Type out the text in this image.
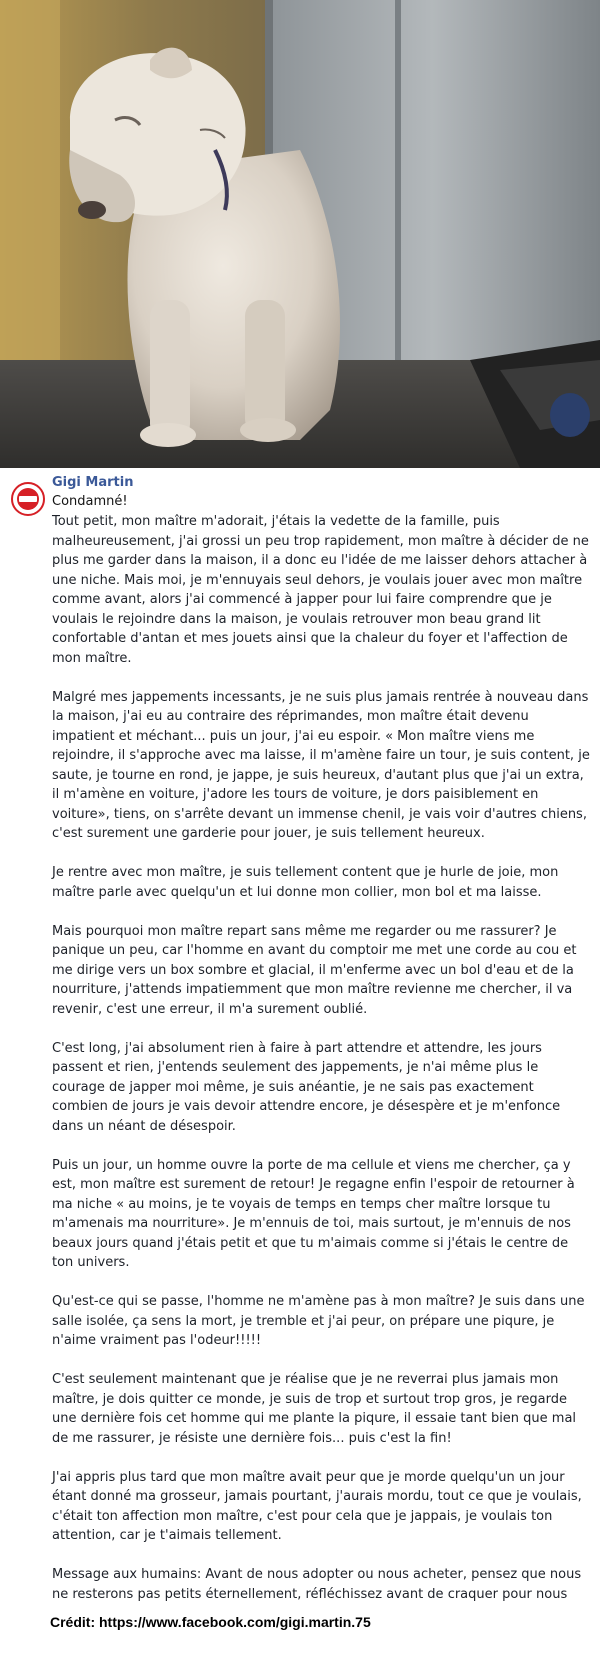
Gigi Martin
Condamné!

Tout petit, mon maître m'adorait, j'étais la vedette de la famille, puis malheureusement, j'ai grossi un peu trop rapidement, mon maître à décider de ne plus me garder dans la maison, il a donc eu l'idée de me laisser dehors attacher à une niche. Mais moi, je m'ennuyais seul dehors, je voulais jouer avec mon maître comme avant, alors j'ai commencé à japper pour lui faire comprendre que je voulais le rejoindre dans la maison, je voulais retrouver mon beau grand lit confortable d'antan et mes jouets ainsi que la chaleur du foyer et l'affection de mon maître.

Malgré mes jappements incessants, je ne suis plus jamais rentrée à nouveau dans la maison, j'ai eu au contraire des réprimandes, mon maître était devenu impatient et méchant... puis un jour, j'ai eu espoir. « Mon maître viens me rejoindre, il s'approche avec ma laisse, il m'amène faire un tour, je suis content, je saute, je tourne en rond, je jappe, je suis heureux, d'autant plus que j'ai un extra, il m'amène en voiture, j'adore les tours de voiture, je dors paisiblement en voiture», tiens, on s'arrête devant un immense chenil, je vais voir d'autres chiens, c'est surement une garderie pour jouer, je suis tellement heureux.

Je rentre avec mon maître, je suis tellement content que je hurle de joie, mon maître parle avec quelqu'un et lui donne mon collier, mon bol et ma laisse.

Mais pourquoi mon maître repart sans même me regarder ou me rassurer? Je panique un peu, car l'homme en avant du comptoir me met une corde au cou et me dirige vers un box sombre et glacial, il m'enferme avec un bol d'eau et de la nourriture, j'attends impatiemment que mon maître revienne me chercher, il va revenir, c'est une erreur, il m'a surement oublié.

C'est long, j'ai absolument rien à faire à part attendre et attendre, les jours passent et rien, j'entends seulement des jappements, je n'ai même plus le courage de japper moi même, je suis anéantie, je ne sais pas exactement combien de jours je vais devoir attendre encore, je désespère et je m'enfonce dans un néant de désespoir.

Puis un jour, un homme ouvre la porte de ma cellule et viens me chercher, ça y est, mon maître est surement de retour! Je regagne enfin l'espoir de retourner à ma niche « au moins, je te voyais de temps en temps cher maître lorsque tu m'amenais ma nourriture». Je m'ennuis de toi, mais surtout, je m'ennuis de nos beaux jours quand j'étais petit et que tu m'aimais comme si j'étais le centre de ton univers.

Qu'est-ce qui se passe, l'homme ne m'amène pas à mon maître? Je suis dans une salle isolée, ça sens la mort, je tremble et j'ai peur, on prépare une piqure, je n'aime vraiment pas l'odeur!!!!!

C'est seulement maintenant que je réalise que je ne reverrai plus jamais mon maître, je dois quitter ce monde, je suis de trop et surtout trop gros, je regarde une dernière fois cet homme qui me plante la piqure, il essaie tant bien que mal de me rassurer, je résiste une dernière fois... puis c'est la fin!

J'ai appris plus tard que mon maître avait peur que je morde quelqu'un un jour étant donné ma grosseur, jamais pourtant, j'aurais mordu, tout ce que je voulais, c'était ton affection mon maître, c'est pour cela que je jappais, je voulais ton attention, car je t'aimais tellement.

Message aux humains: Avant de nous adopter ou nous acheter, pensez que nous ne resterons pas petits éternellement, réfléchissez avant de craquer pour nous

Crédit: https://www.facebook.com/gigi.martin.75
